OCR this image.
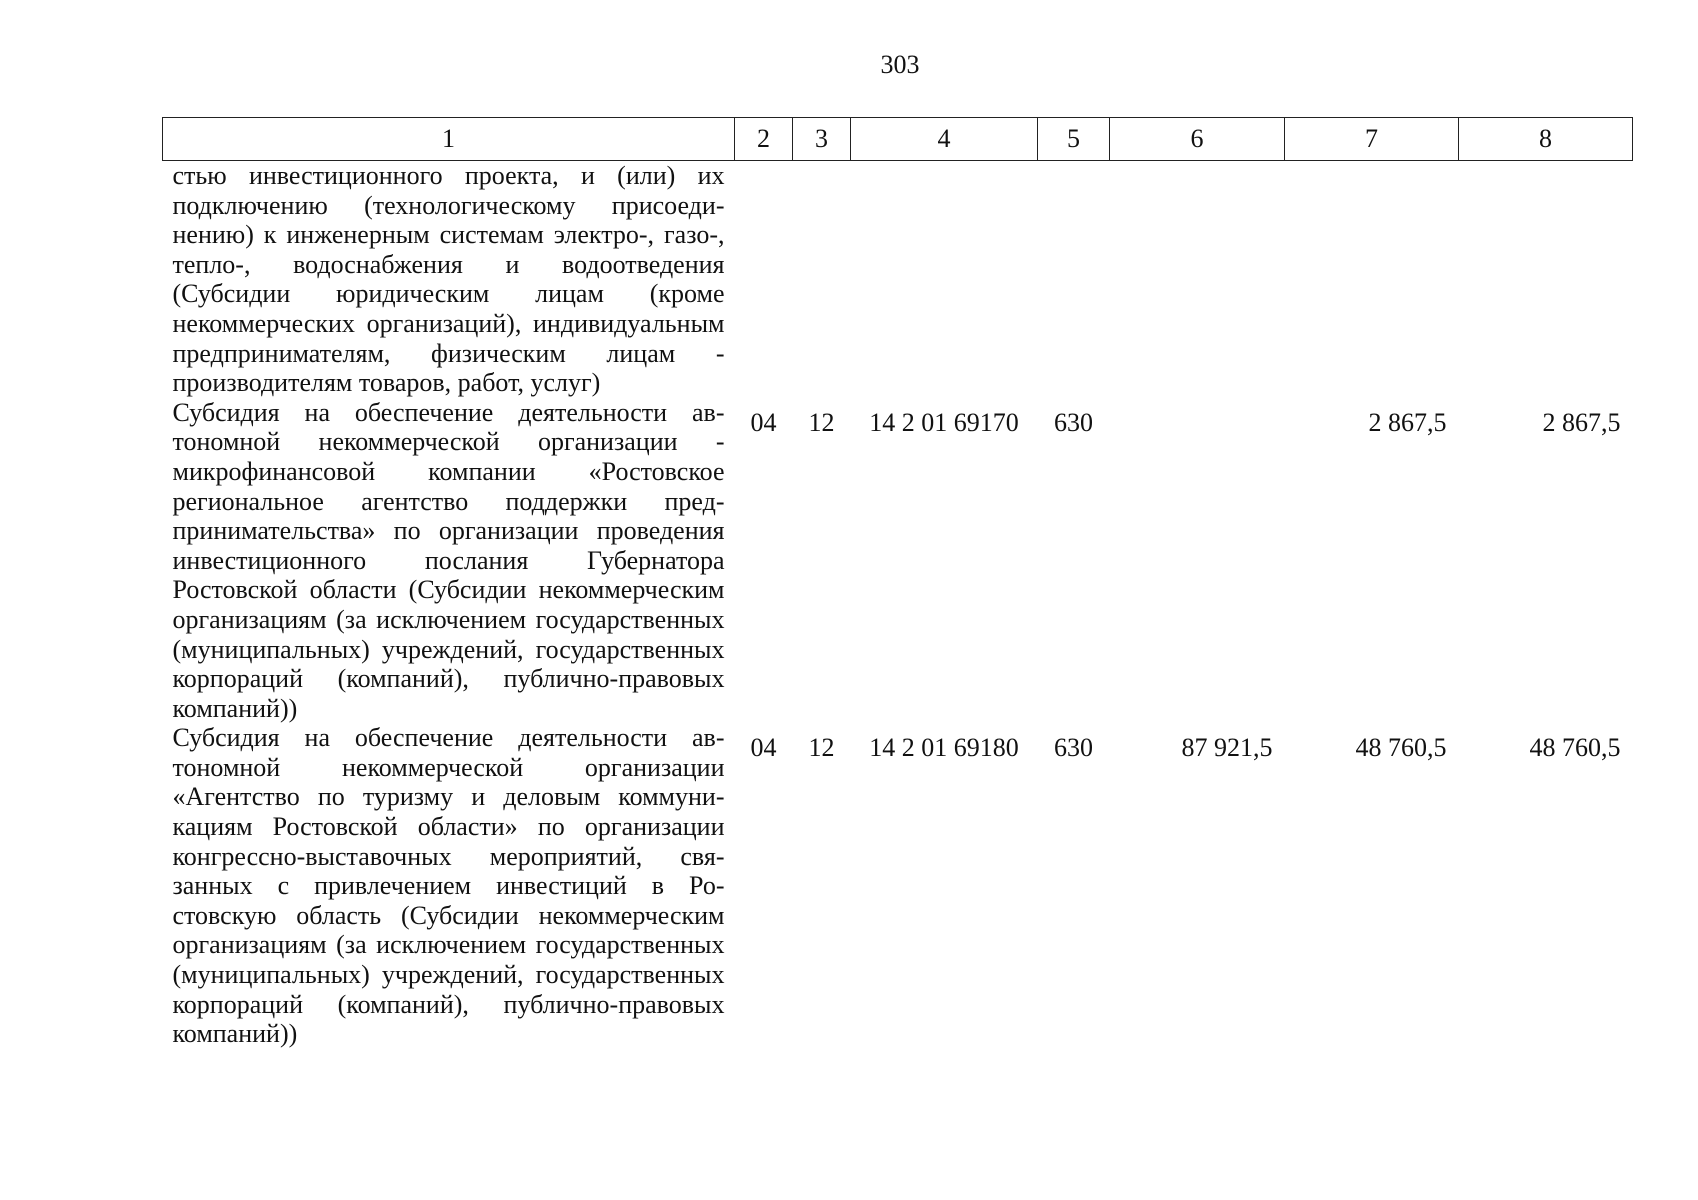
303
1	2	3	4	5	6	7	8
стью инвестиционного проекта, и (или) их подключению (технологическому присоединению) к инженерным системам электро-, газо-, тепло-, водоснабжения и водоотведения (Субсидии юридическим лицам (кроме некоммерческих организаций), индивидуальным предпринимателям, физическим лицам - производителям товаров, работ, услуг)							
Субсидия на обеспечение деятельности автономной некоммерческой организации - микрофинансовой компании «Ростовское региональное агентство поддержки предпринимательства» по организации проведения инвестиционного послания Губернатора Ростовской области (Субсидии некоммерческим организациям (за исключением государственных (муниципальных) учреждений, государственных корпораций (компаний), публично-правовых компаний))	04	12	14 2 01 69170	630		2 867,5	2 867,5
Субсидия на обеспечение деятельности автономной некоммерческой организации «Агентство по туризму и деловым коммуникациям Ростовской области» по организации конгрессно-выставочных мероприятий, связанных с привлечением инвестиций в Ростовскую область (Субсидии некоммерческим организациям (за исключением государственных (муниципальных) учреждений, государственных корпораций (компаний), публично-правовых компаний))	04	12	14 2 01 69180	630	87 921,5	48 760,5	48 760,5
